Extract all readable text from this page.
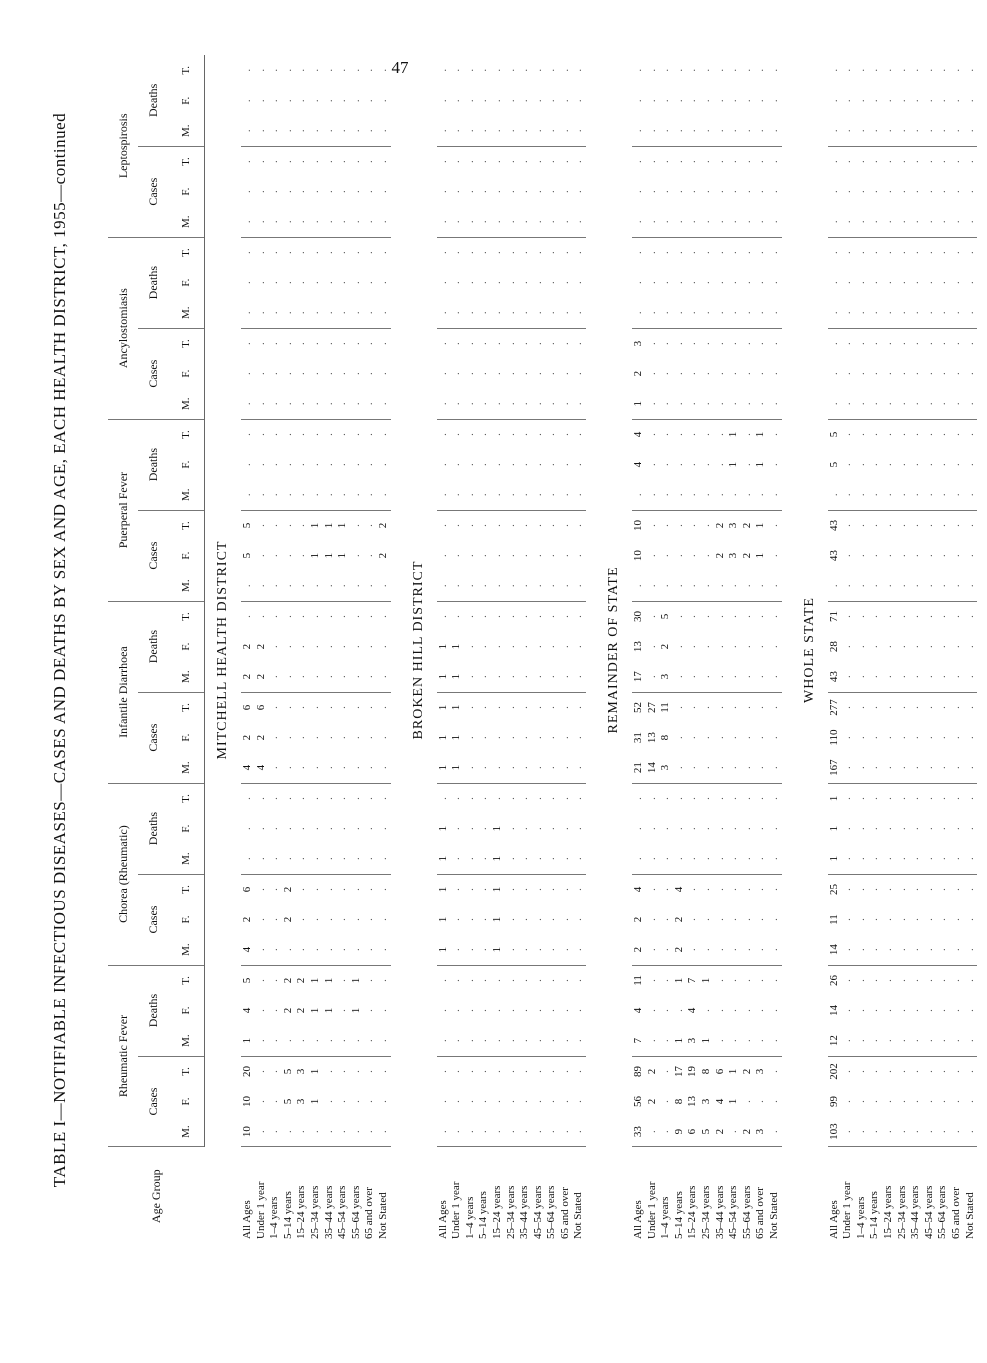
47
TABLE I—NOTIFIABLE INFECTIOUS DISEASES—CASES AND DEATHS BY SEX AND AGE, EACH HEALTH DISTRICT, 1955—continued
Age Group	Rheumatic Fever						Chorea (Rheumatic)						Infantile Diarrhoea						Puerperal Fever						Ancylostomiasis						Leptospirosis					
	Cases			Deaths			Cases			Deaths			Cases			Deaths			Cases			Deaths			Cases			Deaths			Cases			Deaths		
	M.	F.	T.	M.	F.	T.	M.	F.	T.	M.	F.	T.	M.	F.	T.	M.	F.	T.	M.	F.	T.	M.	F.	T.	M.	F.	T.	M.	F.	T.	M.	F.	T.	M.	F.	T.
MITCHELL HEALTH DISTRICT																																				
All Ages	10	10	20	1	4	5	4	2	6	.	.	.	4	2	6	2	2	.	.	5	5	.	.	.	.	.	.	.	.	.	.	.	.	.	.	.
Under 1 year	.	.	.	.	.	.	.	.	.	.	.	.	4	2	6	2	2	.	.	.	.	.	.	.	.	.	.	.	.	.	.	.	.	.	.	.
1–4 years	.	.	.	.	.	.	.	.	.	.	.	.	.	.	.	.	.	.	.	.	.	.	.	.	.	.	.	.	.	.	.	.	.	.	.	.
5–14 years	.	5	5	.	2	2	.	2	2	.	.	.	.	.	.	.	.	.	.	.	.	.	.	.	.	.	.	.	.	.	.	.	.	.	.	.
15–24 years	.	3	3	.	2	2	.	.	.	.	.	.	.	.	.	.	.	.	.	.	.	.	.	.	.	.	.	.	.	.	.	.	.	.	.	.
25–34 years	.	1	1	.	1	1	.	.	.	.	.	.	.	.	.	.	.	.	.	1	1	.	.	.	.	.	.	.	.	.	.	.	.	.	.	.
35–44 years	.	.	.	.	1	1	.	.	.	.	.	.	.	.	.	.	.	.	.	1	1	.	.	.	.	.	.	.	.	.	.	.	.	.	.	.
45–54 years	.	.	.	.	.	.	.	.	.	.	.	.	.	.	.	.	.	.	.	1	1	.	.	.	.	.	.	.	.	.	.	.	.	.	.	.
55–64 years	.	.	.	.	1	1	.	.	.	.	.	.	.	.	.	.	.	.	.	.	.	.	.	.	.	.	.	.	.	.	.	.	.	.	.	.
65 and over	.	.	.	.	.	.	.	.	.	.	.	.	.	.	.	.	.	.	.	.	.	.	.	.	.	.	.	.	.	.	.	.	.	.	.	.
Not Stated	.	.	.	.	.	.	.	.	.	.	.	.	.	.	.	.	.	.	.	2	2	.	.	.	.	.	.	.	.	.	.	.	.	.	.	.

BROKEN HILL DISTRICT																																				
All Ages	.	.	.	.	.	.	1	1	1	1	1	.	1	1	1	1	1	.	.	.	.	.	.	.	.	.	.	.	.	.	.	.	.	.	.	.
Under 1 year	.	.	.	.	.	.	.	.	.	.	.	.	1	1	1	1	1	.	.	.	.	.	.	.	.	.	.	.	.	.	.	.	.	.	.	.
1–4 years	.	.	.	.	.	.	.	.	.	.	.	.	.	.	.	.	.	.	.	.	.	.	.	.	.	.	.	.	.	.	.	.	.	.	.	.
5–14 years	.	.	.	.	.	.	.	.	.	.	.	.	.	.	.	.	.	.	.	.	.	.	.	.	.	.	.	.	.	.	.	.	.	.	.	.
15–24 years	.	.	.	.	.	.	1	1	1	1	1	.	.	.	.	.	.	.	.	.	.	.	.	.	.	.	.	.	.	.	.	.	.	.	.	.
25–34 years	.	.	.	.	.	.	.	.	.	.	.	.	.	.	.	.	.	.	.	.	.	.	.	.	.	.	.	.	.	.	.	.	.	.	.	.
35–44 years	.	.	.	.	.	.	.	.	.	.	.	.	.	.	.	.	.	.	.	.	.	.	.	.	.	.	.	.	.	.	.	.	.	.	.	.
45–54 years	.	.	.	.	.	.	.	.	.	.	.	.	.	.	.	.	.	.	.	.	.	.	.	.	.	.	.	.	.	.	.	.	.	.	.	.
55–64 years	.	.	.	.	.	.	.	.	.	.	.	.	.	.	.	.	.	.	.	.	.	.	.	.	.	.	.	.	.	.	.	.	.	.	.	.
65 and over	.	.	.	.	.	.	.	.	.	.	.	.	.	.	.	.	.	.	.	.	.	.	.	.	.	.	.	.	.	.	.	.	.	.	.	.
Not Stated	.	.	.	.	.	.	.	.	.	.	.	.	.	.	.	.	.	.	.	.	.	.	.	.	.	.	.	.	.	.	.	.	.	.	.	.

REMAINDER OF STATE																																				
All Ages	33	56	89	7	4	11	2	2	4	.	.	.	21	31	52	17	13	30	.	10	10	.	4	4	1	2	3	.	.	.	.	.	.	.	.	.
Under 1 year	.	2	2	.	.	.	.	.	.	.	.	.	14	13	27	.	.	.	.	.	.	.	.	.	.	.	.	.	.	.	.	.	.	.	.	.
1–4 years	.	.	.	.	.	.	.	.	.	.	.	.	3	8	11	3	2	5	.	.	.	.	.	.	.	.	.	.	.	.	.	.	.	.	.	.
5–14 years	9	8	17	1	.	1	2	2	4	.	.	.	.	.	.	.	.	.	.	.	.	.	.	.	.	.	.	.	.	.	.	.	.	.	.	.
15–24 years	6	13	19	3	4	7	.	.	.	.	.	.	.	.	.	.	.	.	.	.	.	.	.	.	.	.	.	.	.	.	.	.	.	.	.	.
25–34 years	5	3	8	1	.	1	.	.	.	.	.	.	.	.	.	.	.	.	.	.	.	.	.	.	.	.	.	.	.	.	.	.	.	.	.	.
35–44 years	2	4	6	.	.	.	.	.	.	.	.	.	.	.	.	.	.	.	.	2	2	.	.	.	.	.	.	.	.	.	.	.	.	.	.	.
45–54 years	.	1	1	.	.	.	.	.	.	.	.	.	.	.	.	.	.	.	.	3	3	.	1	1	.	.	.	.	.	.	.	.	.	.	.	.
55–64 years	2	.	2	.	.	.	.	.	.	.	.	.	.	.	.	.	.	.	.	2	2	.	.	.	.	.	.	.	.	.	.	.	.	.	.	.
65 and over	3	.	3	.	.	.	.	.	.	.	.	.	.	.	.	.	.	.	.	1	1	.	1	1	.	.	.	.	.	.	.	.	.	.	.	.
Not Stated	.	.	.	.	.	.	.	.	.	.	.	.	.	.	.	.	.	.	.	.	.	.	.	.	.	.	.	.	.	.	.	.	.	.	.	.

WHOLE STATE																																				
All Ages	103	99	202	12	14	26	14	11	25	1	1	1	167	110	277	43	28	71	.	43	43	.	5	5	.	.	.	.	.	.	.	.	.	.	.	.
Under 1 year	.	.	.	.	.	.	.	.	.	.	.	.	.	.	.	.	.	.	.	.	.	.	.	.	.	.	.	.	.	.	.	.	.	.	.	.
1–4 years	.	.	.	.	.	.	.	.	.	.	.	.	.	.	.	.	.	.	.	.	.	.	.	.	.	.	.	.	.	.	.	.	.	.	.	.
5–14 years	.	.	.	.	.	.	.	.	.	.	.	.	.	.	.	.	.	.	.	.	.	.	.	.	.	.	.	.	.	.	.	.	.	.	.	.
15–24 years	.	.	.	.	.	.	.	.	.	.	.	.	.	.	.	.	.	.	.	.	.	.	.	.	.	.	.	.	.	.	.	.	.	.	.	.
25–34 years	.	.	.	.	.	.	.	.	.	.	.	.	.	.	.	.	.	.	.	.	.	.	.	.	.	.	.	.	.	.	.	.	.	.	.	.
35–44 years	.	.	.	.	.	.	.	.	.	.	.	.	.	.	.	.	.	.	.	.	.	.	.	.	.	.	.	.	.	.	.	.	.	.	.	.
45–54 years	.	.	.	.	.	.	.	.	.	.	.	.	.	.	.	.	.	.	.	.	.	.	.	.	.	.	.	.	.	.	.	.	.	.	.	.
55–64 years	.	.	.	.	.	.	.	.	.	.	.	.	.	.	.	.	.	.	.	.	.	.	.	.	.	.	.	.	.	.	.	.	.	.	.	.
65 and over	.	.	.	.	.	.	.	.	.	.	.	.	.	.	.	.	.	.	.	.	.	.	.	.	.	.	.	.	.	.	.	.	.	.	.	.
Not Stated	.	.	.	.	.	.	.	.	.	.	.	.	.	.	.	.	.	.	.	.	.	.	.	.	.	.	.	.	.	.	.	.	.	.	.	.
